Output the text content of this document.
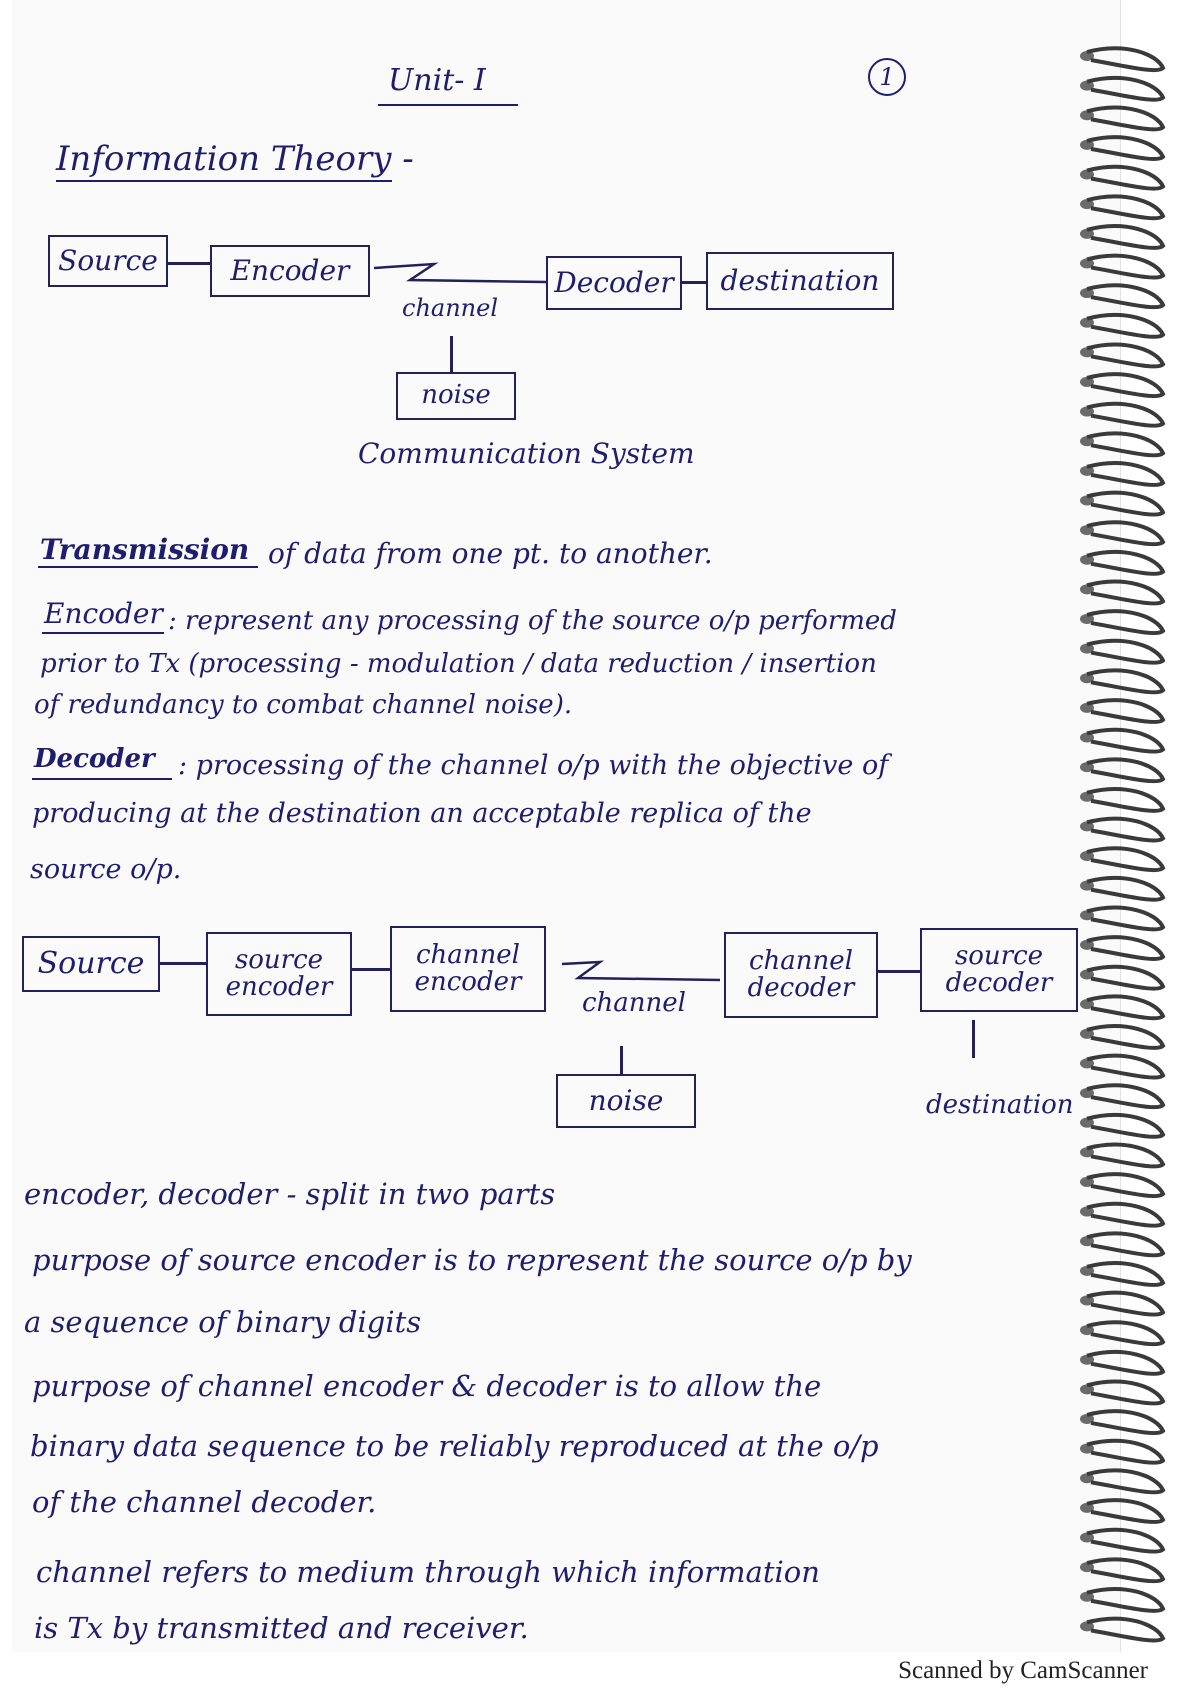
Unit- I	1
Information Theory -
Source	Encoder
channel
noise
Decoder destination
Communication System
Transmission of data from one pt. to another.
Encoder : represent any processing of the source o/p performed
prior to Tx (processing - modulation / data reduction / insertion
of redundancy to combat channel noise).
Decoder : processing of the channel o/p with the objective of
producing at the destination an acceptable replica of the
source o/p.
Source	source
encoder
channel
encoder
channel
noise
channel
decoder
source
decoder
destination
encoder, decoder - split in two parts
purpose of source encoder is to represent the source o/p by
a sequence of binary digits
purpose of channel encoder & decoder is to allow the
binary data sequence to be reliably reproduced at the o/p
of the channel decoder.
channel refers to medium through which information
is Tx by transmitted and receiver.
Scanned by CamScanner
